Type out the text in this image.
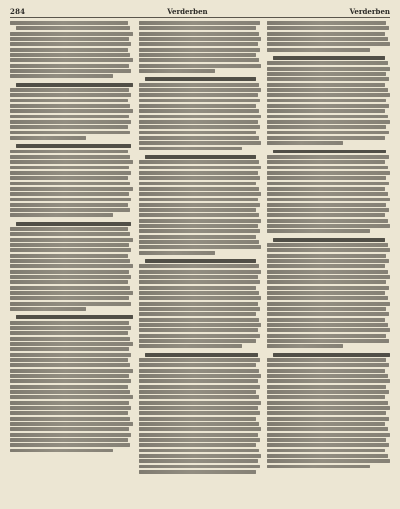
284	Verderben	Verderben
